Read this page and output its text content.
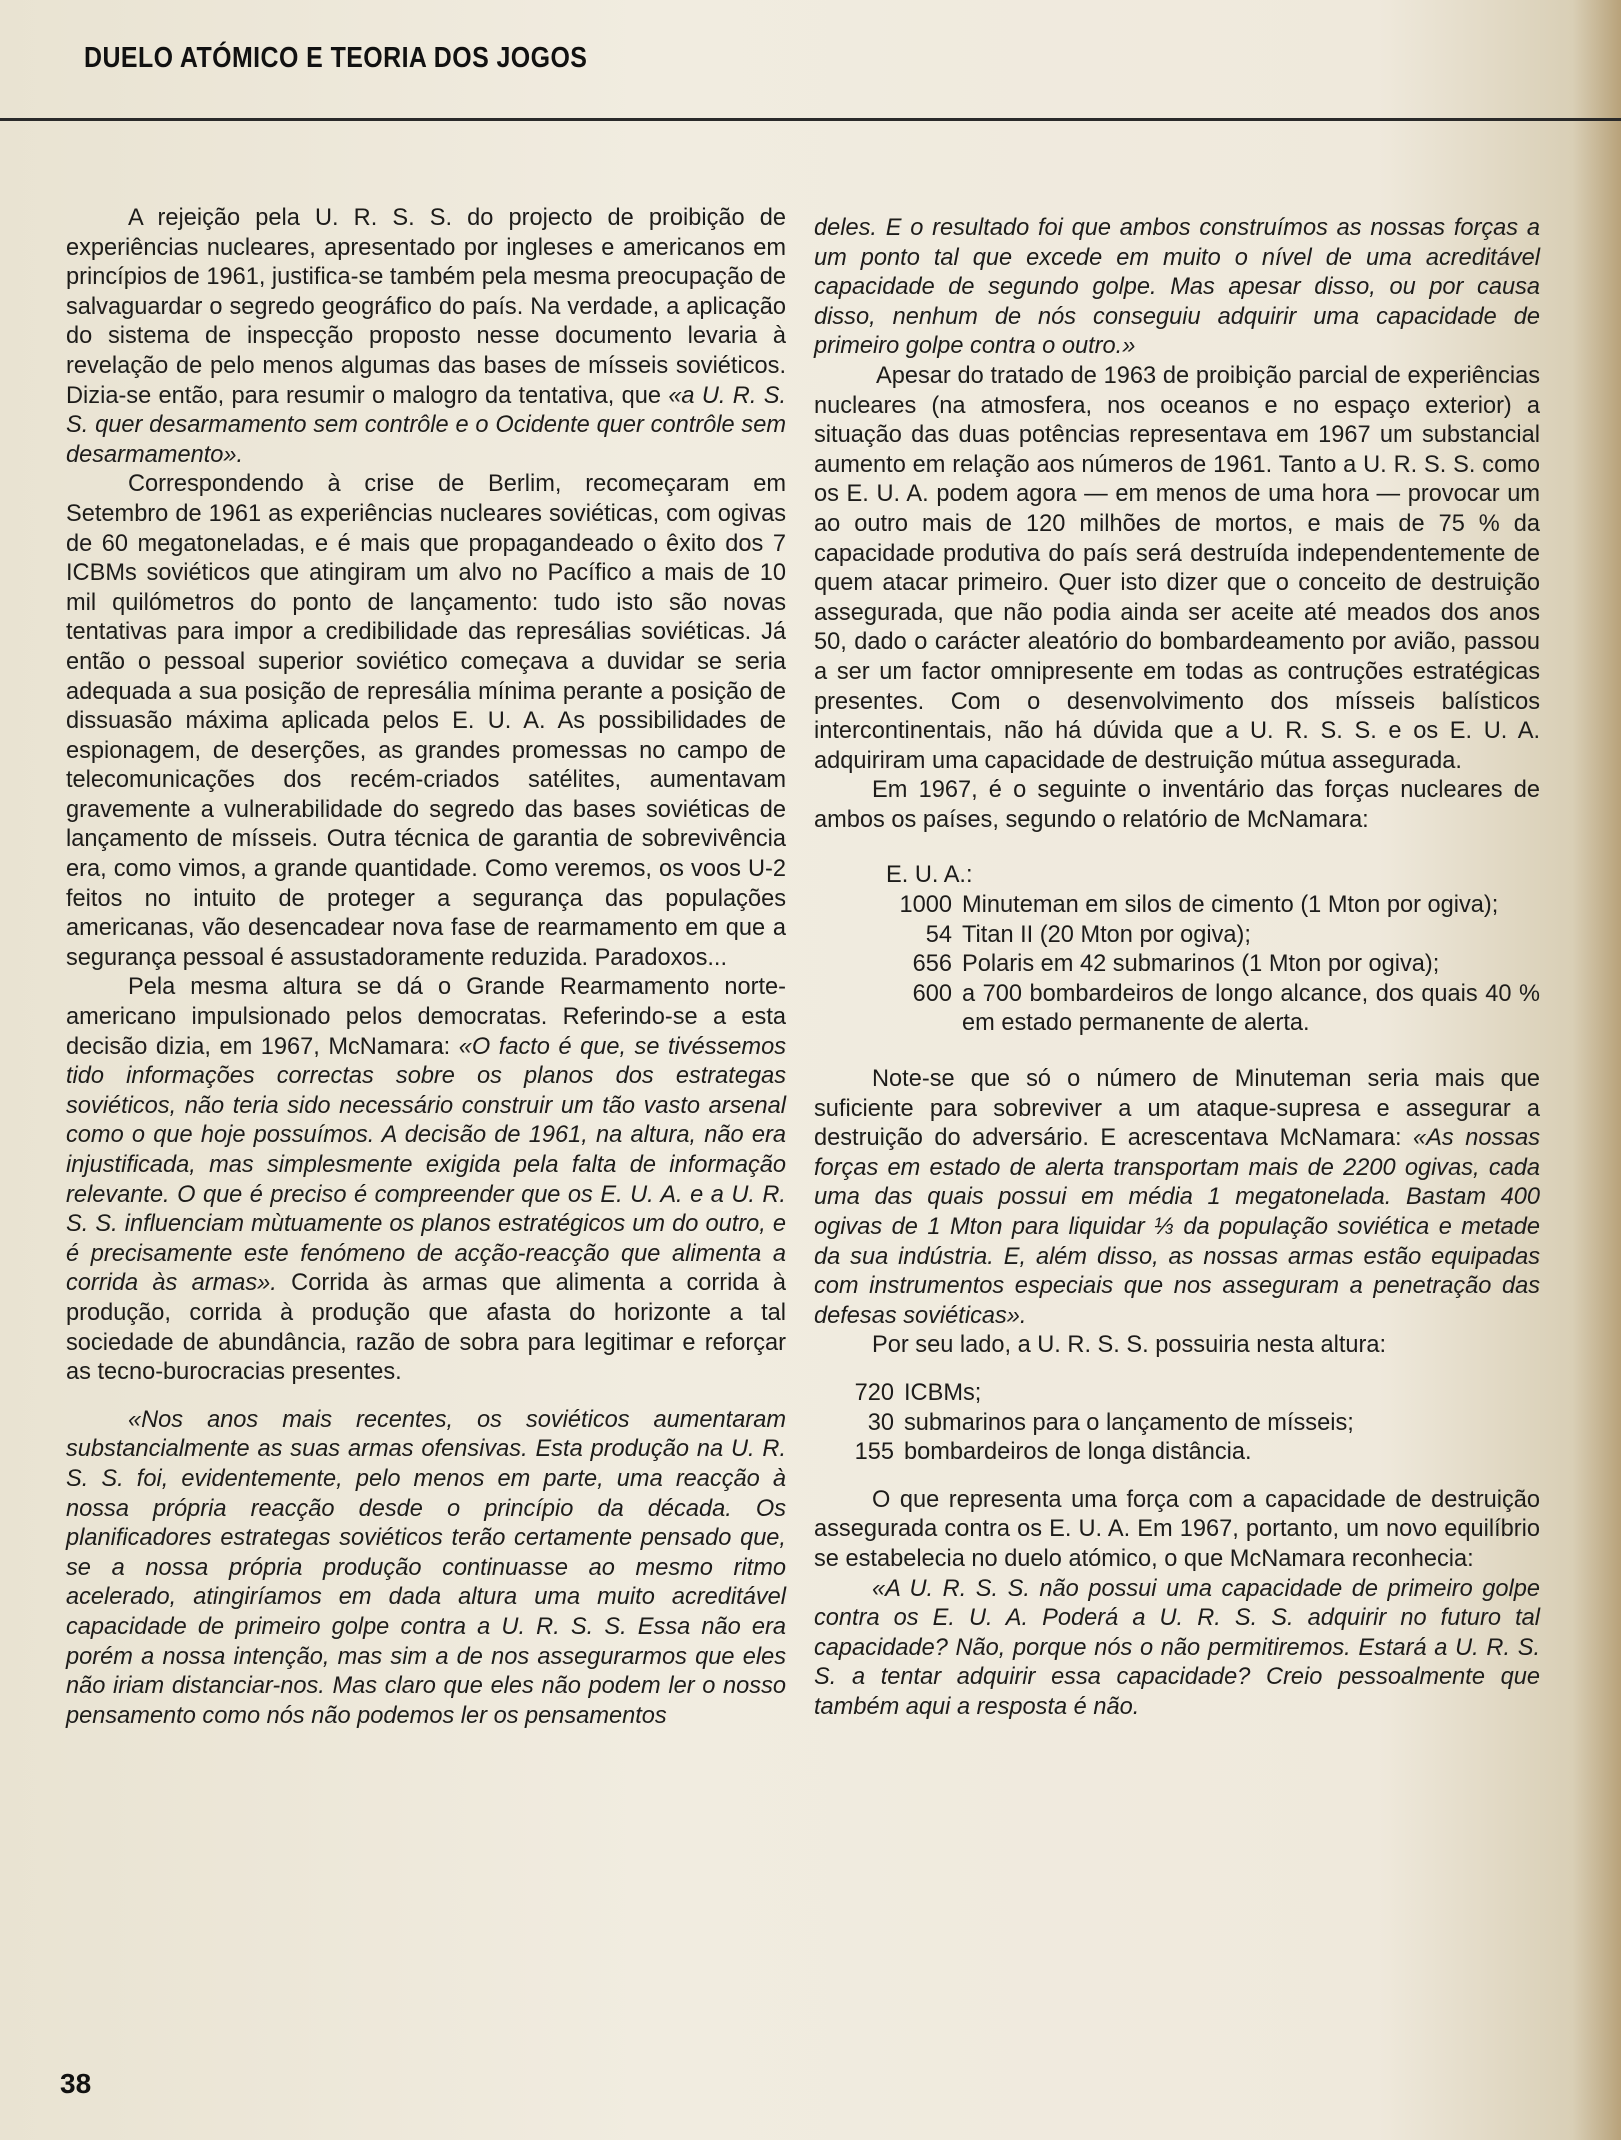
DUELO ATÓMICO E TEORIA DOS JOGOS

A rejeição pela U. R. S. S. do projecto de proibição de experiências nucleares, apresentado por ingleses e americanos em princípios de 1961, justifica-se também pela mesma preocupação de salvaguardar o segredo geográfico do país. Na verdade, a aplicação do sistema de inspecção proposto nesse documento levaria à revelação de pelo menos algumas das bases de mísseis soviéticos. Dizia-se então, para resumir o malogro da tentativa, que «a U. R. S. S. quer desarmamento sem contrôle e o Ocidente quer contrôle sem desarmamento».

Correspondendo à crise de Berlim, recomeçaram em Setembro de 1961 as experiências nucleares soviéticas, com ogivas de 60 megatoneladas, e é mais que propagandeado o êxito dos 7 ICBMs soviéticos que atingiram um alvo no Pacífico a mais de 10 mil quilómetros do ponto de lançamento: tudo isto são novas tentativas para impor a credibilidade das represálias soviéticas. Já então o pessoal superior soviético começava a duvidar se seria adequada a sua posição de represália mínima perante a posição de dissuasão máxima aplicada pelos E. U. A. As possibilidades de espionagem, de deserções, as grandes promessas no campo de telecomunicações dos recém-criados satélites, aumentavam gravemente a vulnerabilidade do segredo das bases soviéticas de lançamento de mísseis. Outra técnica de garantia de sobrevivência era, como vimos, a grande quantidade. Como veremos, os voos U-2 feitos no intuito de proteger a segurança das populações americanas, vão desencadear nova fase de rearmamento em que a segurança pessoal é assustadoramente reduzida. Paradoxos...

Pela mesma altura se dá o Grande Rearmamento norte-americano impulsionado pelos democratas. Referindo-se a esta decisão dizia, em 1967, McNamara: «O facto é que, se tivéssemos tido informações correctas sobre os planos dos estrategas soviéticos, não teria sido necessário construir um tão vasto arsenal como o que hoje possuímos. A decisão de 1961, na altura, não era injustificada, mas simplesmente exigida pela falta de informação relevante. O que é preciso é compreender que os E. U. A. e a U. R. S. S. influenciam mùtuamente os planos estratégicos um do outro, e é precisamente este fenómeno de acção-reacção que alimenta a corrida às armas». Corrida às armas que alimenta a corrida à produção, corrida à produção que afasta do horizonte a tal sociedade de abundância, razão de sobra para legitimar e reforçar as tecno-burocracias presentes.

«Nos anos mais recentes, os soviéticos aumentaram substancialmente as suas armas ofensivas. Esta produção na U. R. S. S. foi, evidentemente, pelo menos em parte, uma reacção à nossa própria reacção desde o princípio da década. Os planificadores estrategas soviéticos terão certamente pensado que, se a nossa própria produção continuasse ao mesmo ritmo acelerado, atingiríamos em dada altura uma muito acreditável capacidade de primeiro golpe contra a U. R. S. S. Essa não era porém a nossa intenção, mas sim a de nos assegurarmos que eles não iriam distanciar-nos. Mas claro que eles não podem ler o nosso pensamento como nós não podemos ler os pensamentos

deles. E o resultado foi que ambos construímos as nossas forças a um ponto tal que excede em muito o nível de uma acreditável capacidade de segundo golpe. Mas apesar disso, ou por causa disso, nenhum de nós conseguiu adquirir uma capacidade de primeiro golpe contra o outro.»

Apesar do tratado de 1963 de proibição parcial de experiências nucleares (na atmosfera, nos oceanos e no espaço exterior) a situação das duas potências representava em 1967 um substancial aumento em relação aos números de 1961. Tanto a U. R. S. S. como os E. U. A. podem agora — em menos de uma hora — provocar um ao outro mais de 120 milhões de mortos, e mais de 75 % da capacidade produtiva do país será destruída independentemente de quem atacar primeiro. Quer isto dizer que o conceito de destruição assegurada, que não podia ainda ser aceite até meados dos anos 50, dado o carácter aleatório do bombardeamento por avião, passou a ser um factor omnipresente em todas as contruções estratégicas presentes. Com o desenvolvimento dos mísseis balísticos intercontinentais, não há dúvida que a U. R. S. S. e os E. U. A. adquiriram uma capacidade de destruição mútua assegurada.

Em 1967, é o seguinte o inventário das forças nucleares de ambos os países, segundo o relatório de McNamara:

E. U. A.:
1000 Minuteman em silos de cimento (1 Mton por ogiva);
54 Titan II (20 Mton por ogiva);
656 Polaris em 42 submarinos (1 Mton por ogiva);
600 a 700 bombardeiros de longo alcance, dos quais 40 % em estado permanente de alerta.

Note-se que só o número de Minuteman seria mais que suficiente para sobreviver a um ataque-supresa e assegurar a destruição do adversário. E acrescentava McNamara: «As nossas forças em estado de alerta transportam mais de 2200 ogivas, cada uma das quais possui em média 1 megatonelada. Bastam 400 ogivas de 1 Mton para liquidar ⅓ da população soviética e metade da sua indústria. E, além disso, as nossas armas estão equipadas com instrumentos especiais que nos asseguram a penetração das defesas soviéticas».

Por seu lado, a U. R. S. S. possuiria nesta altura:

720 ICBMs;
30 submarinos para o lançamento de mísseis;
155 bombardeiros de longa distância.

O que representa uma força com a capacidade de destruição assegurada contra os E. U. A. Em 1967, portanto, um novo equilíbrio se estabelecia no duelo atómico, o que McNamara reconhecia:

«A U. R. S. S. não possui uma capacidade de primeiro golpe contra os E. U. A. Poderá a U. R. S. S. adquirir no futuro tal capacidade? Não, porque nós o não permitiremos. Estará a U. R. S. S. a tentar adquirir essa capacidade? Creio pessoalmente que também aqui a resposta é não.

38
